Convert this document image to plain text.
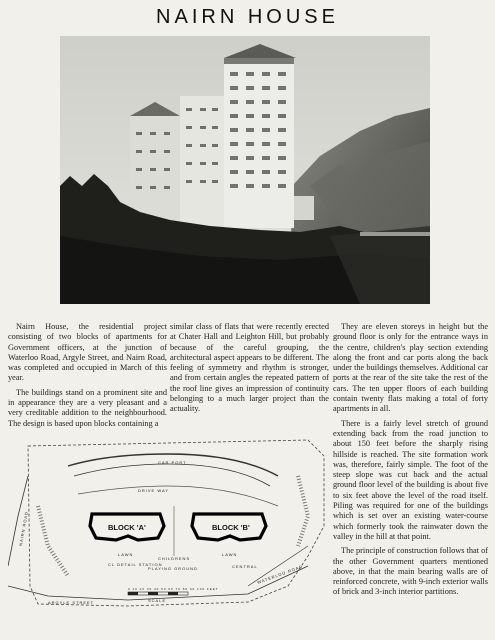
NAIRN HOUSE

Nairn House, the residential project consisting of two blocks of apartments for Government officers, at the junction of Waterloo Road, Argyle Street, and Nairn Road, was completed and occupied in March of this year.

The buildings stand on a prominent site and in appearance they are a very pleasant and a very creditable addition to the neighbourhood. The design is based upon blocks containing a

similar class of flats that were recently erected at Chater Hall and Leighton Hill, but probably because of the careful grouping, the architectural aspect appears to be different. The feeling of symmetry and rhythm is stronger, and from certain angles the repeated pattern of the roof line gives an impression of continuity belonging to a much larger project than the actuality.

They are eleven storeys in height but the ground floor is only for the entrance ways in the centre, children's play section extending along the front and car ports along the back under the buildings themselves. Additional car ports at the rear of the site take the rest of the cars. The ten upper floors of each building contain twenty flats making a total of forty apartments in all.

There is a fairly level stretch of ground extending back from the road junction to about 150 feet before the sharply rising hillside is reached. The site formation work was, therefore, fairly simple. The foot of the steep slope was cut back and the actual ground floor level of the building is about five to six feet above the level of the road itself. Piling was required for one of the buildings which is set over an existing water-course which formerly took the rainwater down the valley in the hill at that point.

The principle of construction follows that of the other Government quarters mentioned above, in that the main bearing walls are of reinforced concrete, with 9-inch exterior walls of brick and 3-inch interior partitions.

CAR PORT
DRIVE WAY
BLOCK 'A'	BLOCK 'B'
LAWN	LAWN
CHILDRENS
PLAYING GROUND
CL DETAIL STATION	CENTRAL
WATERLOO ROAD
ARGYLE STREET
NAIRN ROAD
0 10 20 30 40 50 60 70 80 90 100 FEET
SCALE
